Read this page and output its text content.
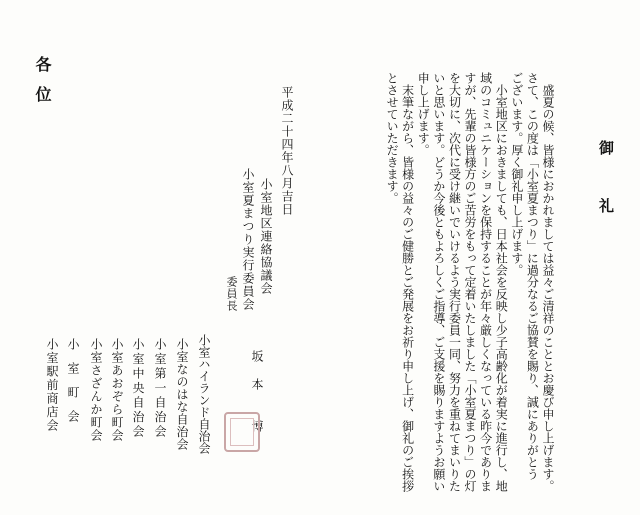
御　礼

盛夏の候、皆様におかれましては益々ご清祥のこととお慶び申し上げます。

さて、この度は「小室夏まつり」に過分なるご協賛を賜り、誠にありがとう

ございます。厚く御礼申し上げます。

小室地区におきましても、日本社会を反映し少子高齢化が着実に進行し、地

域のコミュニケーションを保持することが年々厳しくなっている昨今でありま

すが、先輩の皆様方のご苦労をもって定着いたしました「小室夏まつり」の灯

を大切に、次代に受け継いでいけるよう実行委員一同、努力を重ねてまいりた

いと思います。どうか今後ともよろしくご指導、ご支援を賜りますようお願い

申し上げます。

末筆ながら、皆様の益々のご健勝とご発展をお祈り申し上げ、御礼のご挨拶

とさせていただきます。

平成二十四年八月吉日
小室地区連絡協議会
小室夏まつり実行委員会
委員長
坂　本　　博
小室ハイランド自治会
小室なのはな自治会
小室第一自治会
小室中央自治会
小室あおぞら町会
小室さざんか町会
小　室　町　会
小室駅前商店会
各位
